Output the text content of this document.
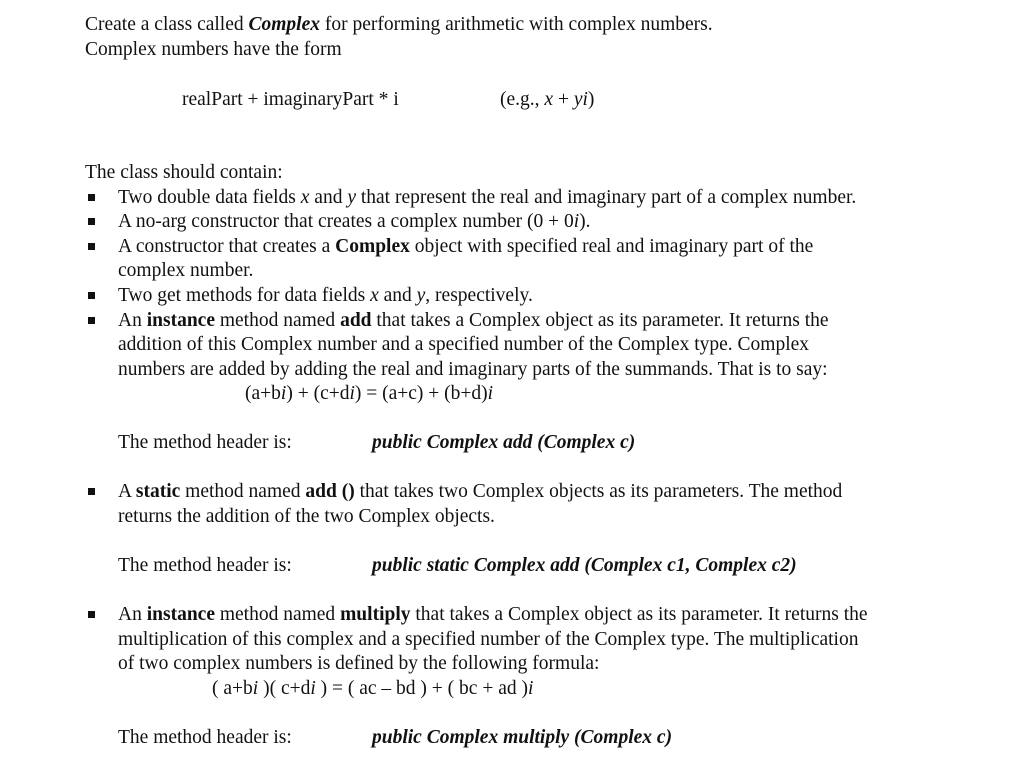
Create a class called Complex for performing arithmetic with complex numbers.
Complex numbers have the form
realPart + imaginaryPart * i	(e.g., x + yi)
The class should contain:
Two double data fields x and y that represent the real and imaginary part of a complex number.
A no-arg constructor that creates a complex number (0 + 0i).
A constructor that creates a Complex object with specified real and imaginary part of the
complex number.
Two get methods for data fields x and y, respectively.
An instance method named add that takes a Complex object as its parameter. It returns the
addition of this Complex number and a specified number of the Complex type. Complex
numbers are added by adding the real and imaginary parts of the summands. That is to say:
(a+bi) + (c+di) = (a+c) + (b+d)i
The method header is:	public Complex add (Complex c)
A static method named add () that takes two Complex objects as its parameters. The method
returns the addition of the two Complex objects.
The method header is:	public static Complex add (Complex c1, Complex c2)
An instance method named multiply that takes a Complex object as its parameter. It returns the
multiplication of this complex and a specified number of the Complex type. The multiplication
of two complex numbers is defined by the following formula:
( a+bi )( c+di ) = ( ac – bd ) + ( bc + ad )i
The method header is:	public Complex multiply (Complex c)
